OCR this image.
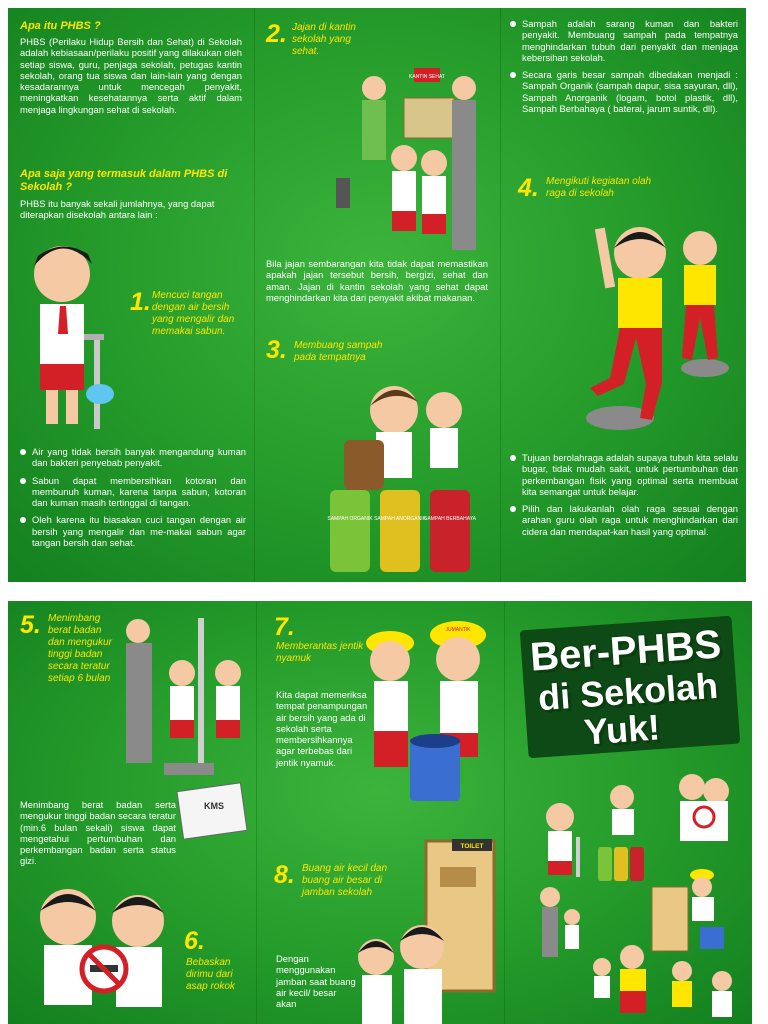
Apa itu PHBS ?

PHBS (Perilaku Hidup Bersih dan Sehat) di Sekolah adalah kebiasaan/perilaku positif yang dilakukan oleh setiap siswa, guru, penjaga sekolah, petugas kantin sekolah, orang tua siswa dan lain-lain yang dengan kesadarannya untuk mencegah penyakit, meningkatkan kesehatannya serta aktif dalam menjaga lingkungan sehat di sekolah.

Apa saja yang termasuk dalam PHBS di Sekolah ?

PHBS itu banyak sekali jumlahnya, yang dapat diterapkan disekolah antara lain :

1. Mencuci tangan dengan air bersih yang mengalir dan memakai sabun.

Air yang tidak bersih banyak mengandung kuman dan bakteri penyebab penyakit.
Sabun dapat membersihkan kotoran dan membunuh kuman, karena tanpa sabun, kotoran dan kuman masih tertinggal di tangan.
Oleh karena itu biasakan cuci tangan dengan air bersih yang mengalir dan me-makai sabun agar tangan bersih dan sehat.
2. Jajan di kantin sekolah yang sehat.

KANTIN SEHAT

Bila jajan sembarangan kita tidak dapat memastikan apakah jajan tersebut bersih, bergizi, sehat dan aman. Jajan di kantin sekolah yang sehat dapat menghindarkan kita dari penyakit akibat makanan.

3. Membuang sampah pada tempatnya

SAMPAH ORGANIK SAMPAH ANORGANIK
SAMPAH BERBAHAYA
Sampah adalah sarang kuman dan bakteri penyakit. Membuang sampah pada tempatnya menghindarkan tubuh dari penyakit dan menjaga kebersihan sekolah.
Secara garis besar sampah dibedakan menjadi : Sampah Organik (sampah dapur, sisa sayuran, dll), Sampah Anorganik (logam, botol plastik, dll), Sampah Berbahaya ( baterai, jarum suntik, dll).
4. Mengikuti kegiatan olah raga di sekolah

Tujuan berolahraga adalah supaya tubuh kita selalu bugar, tidak mudah sakit, untuk pertumbuhan dan perkembangan fisik yang optimal serta membuat kita semangat untuk belajar.
Pilih dan lakukanlah olah raga sesuai dengan arahan guru olah raga untuk menghindarkan dari cidera dan mendapat-kan hasil yang optimal.
5. Menimbang berat badan dan mengukur tinggi badan secara teratur setiap 6 bulan

KMS

Menimbang berat badan serta mengukur tinggi badan secara teratur (min.6 bulan sekali) siswa dapat mengetahui pertumbuhan dan perkembangan badan serta status gizi.

6.

Bebaskan dirimu dari asap rokok

7.

Memberantas jentik nyamuk

JUMANTIK

Kita dapat memeriksa tempat penampungan air bersih yang ada di sekolah serta membersihkannya agar terbebas dari jentik nyamuk.

8. Buang air kecil dan buang air besar di jamban sekolah

TOILET

Dengan menggunakan jamban saat buang air kecil/ besar akan

Ber-PHBS
di Sekolah
Yuk!
